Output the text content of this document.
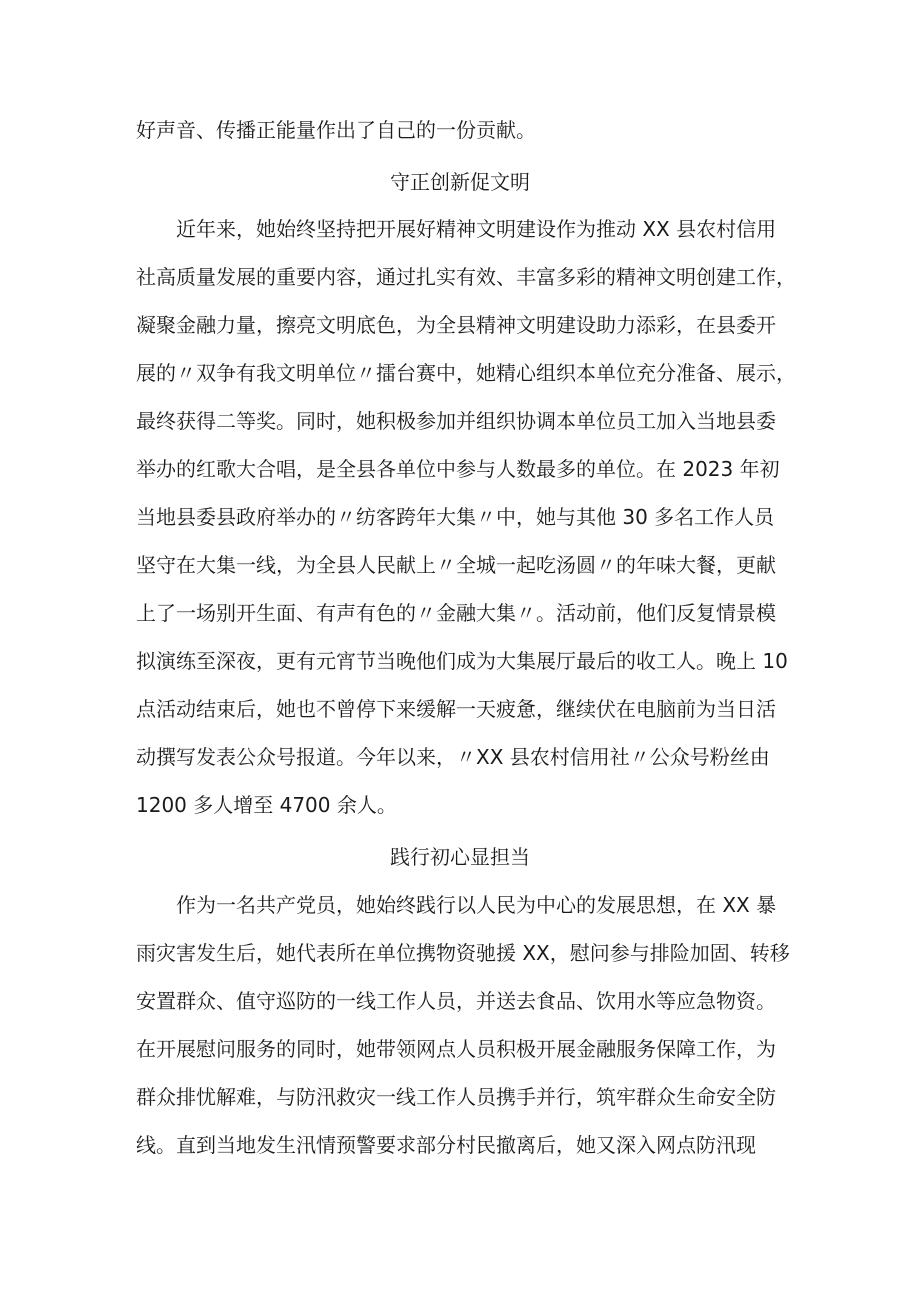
好声音、传播正能量作出了自己的一份贡献。
守正创新促文明
近年来，她始终坚持把开展好精神文明建设作为推动 XX 县农村信用
社高质量发展的重要内容，通过扎实有效、丰富多彩的精神文明创建工作，
凝聚金融力量，擦亮文明底色，为全县精神文明建设助力添彩，在县委开
展的〃双争有我文明单位〃擂台赛中，她精心组织本单位充分准备、展示，
最终获得二等奖。同时，她积极参加并组织协调本单位员工加入当地县委
举办的红歌大合唱，是全县各单位中参与人数最多的单位。在 2023 年初
当地县委县政府举办的〃纺客跨年大集〃中，她与其他 30 多名工作人员
坚守在大集一线，为全县人民献上〃全城一起吃汤圆〃的年味大餐，更献
上了一场别开生面、有声有色的〃金融大集〃。活动前，他们反复情景模
拟演练至深夜，更有元宵节当晚他们成为大集展厅最后的收工人。晚上 10
点活动结束后，她也不曾停下来缓解一天疲惫，继续伏在电脑前为当日活
动撰写发表公众号报道。今年以来，〃XX 县农村信用社〃公众号粉丝由
1200 多人增至 4700 余人。
践行初心显担当
作为一名共产党员，她始终践行以人民为中心的发展思想，在 XX 暴
雨灾害发生后，她代表所在单位携物资驰援 XX，慰问参与排险加固、转移
安置群众、值守巡防的一线工作人员，并送去食品、饮用水等应急物资。
在开展慰问服务的同时，她带领网点人员积极开展金融服务保障工作，为
群众排忧解难，与防汛救灾一线工作人员携手并行，筑牢群众生命安全防
线。直到当地发生汛情预警要求部分村民撤离后，她又深入网点防汛现
